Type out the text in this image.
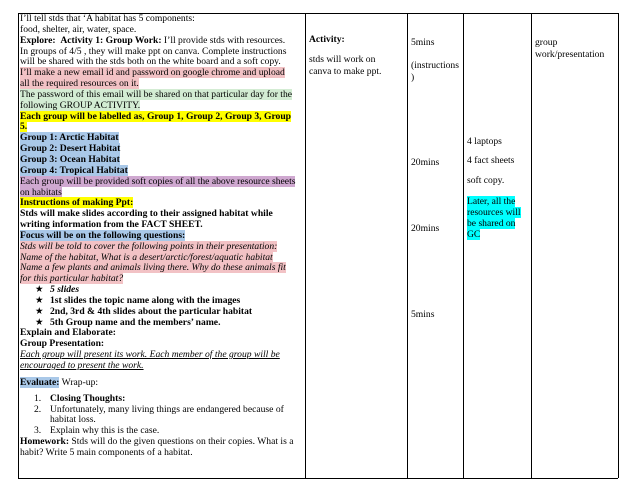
I’ll tell stds that ‘A habitat has 5 components:
food, shelter, air, water, space.
Explore: Activity 1: Group Work: I’ll provide stds with resources.
In groups of 4/5 , they will make ppt on canva. Complete instructions
will be shared with the stds both on the white board and a soft copy.
I’ll make a new email id and password on google chrome and upload
all the required resources on it.
The password of this email will be shared on that particular day for the
following GROUP ACTIVITY.
Each group will be labelled as, Group 1, Group 2, Group 3, Group
5.
Group 1: Arctic Habitat
Group 2: Desert Habitat
Group 3: Ocean Habitat
Group 4: Tropical Habitat
Each group will be provided soft copies of all the above resource sheets
on habitats
Instructions of making Ppt:
Stds will make slides according to their assigned habitat while
writing information from the FACT SHEET.
Focus will be on the following questions:
Stds will be told to cover the following points in their presentation:
Name of the habitat, What is a desert/arctic/forest/aquatic habitat
Name a few plants and animals living there. Why do these animals fit
for this particular habitat?
★ 5 slides
★ 1st slides the topic name along with the images
★ 2nd, 3rd & 4th slides about the particular habitat
★ 5th Group name and the members’ name.
Explain and Elaborate:
Group Presentation:
Each group will present its work. Each member of the group will be
encouraged to present the work.
Evaluate: Wrap-up:
1. Closing Thoughts:
2. Unfortunately, many living things are endangered because of
habitat loss.
3. Explain why this is the case.
Homework: Stds will do the given questions on their copies. What is a
habit? Write 5 main components of a habitat.
Activity:
stds will work on
canva to make ppt.
5mins
(instructions
)
20mins
20mins
5mins
4 laptops
4 fact sheets
soft copy.
Later, all the
resources will
be shared on
GC
group
work/presentation
